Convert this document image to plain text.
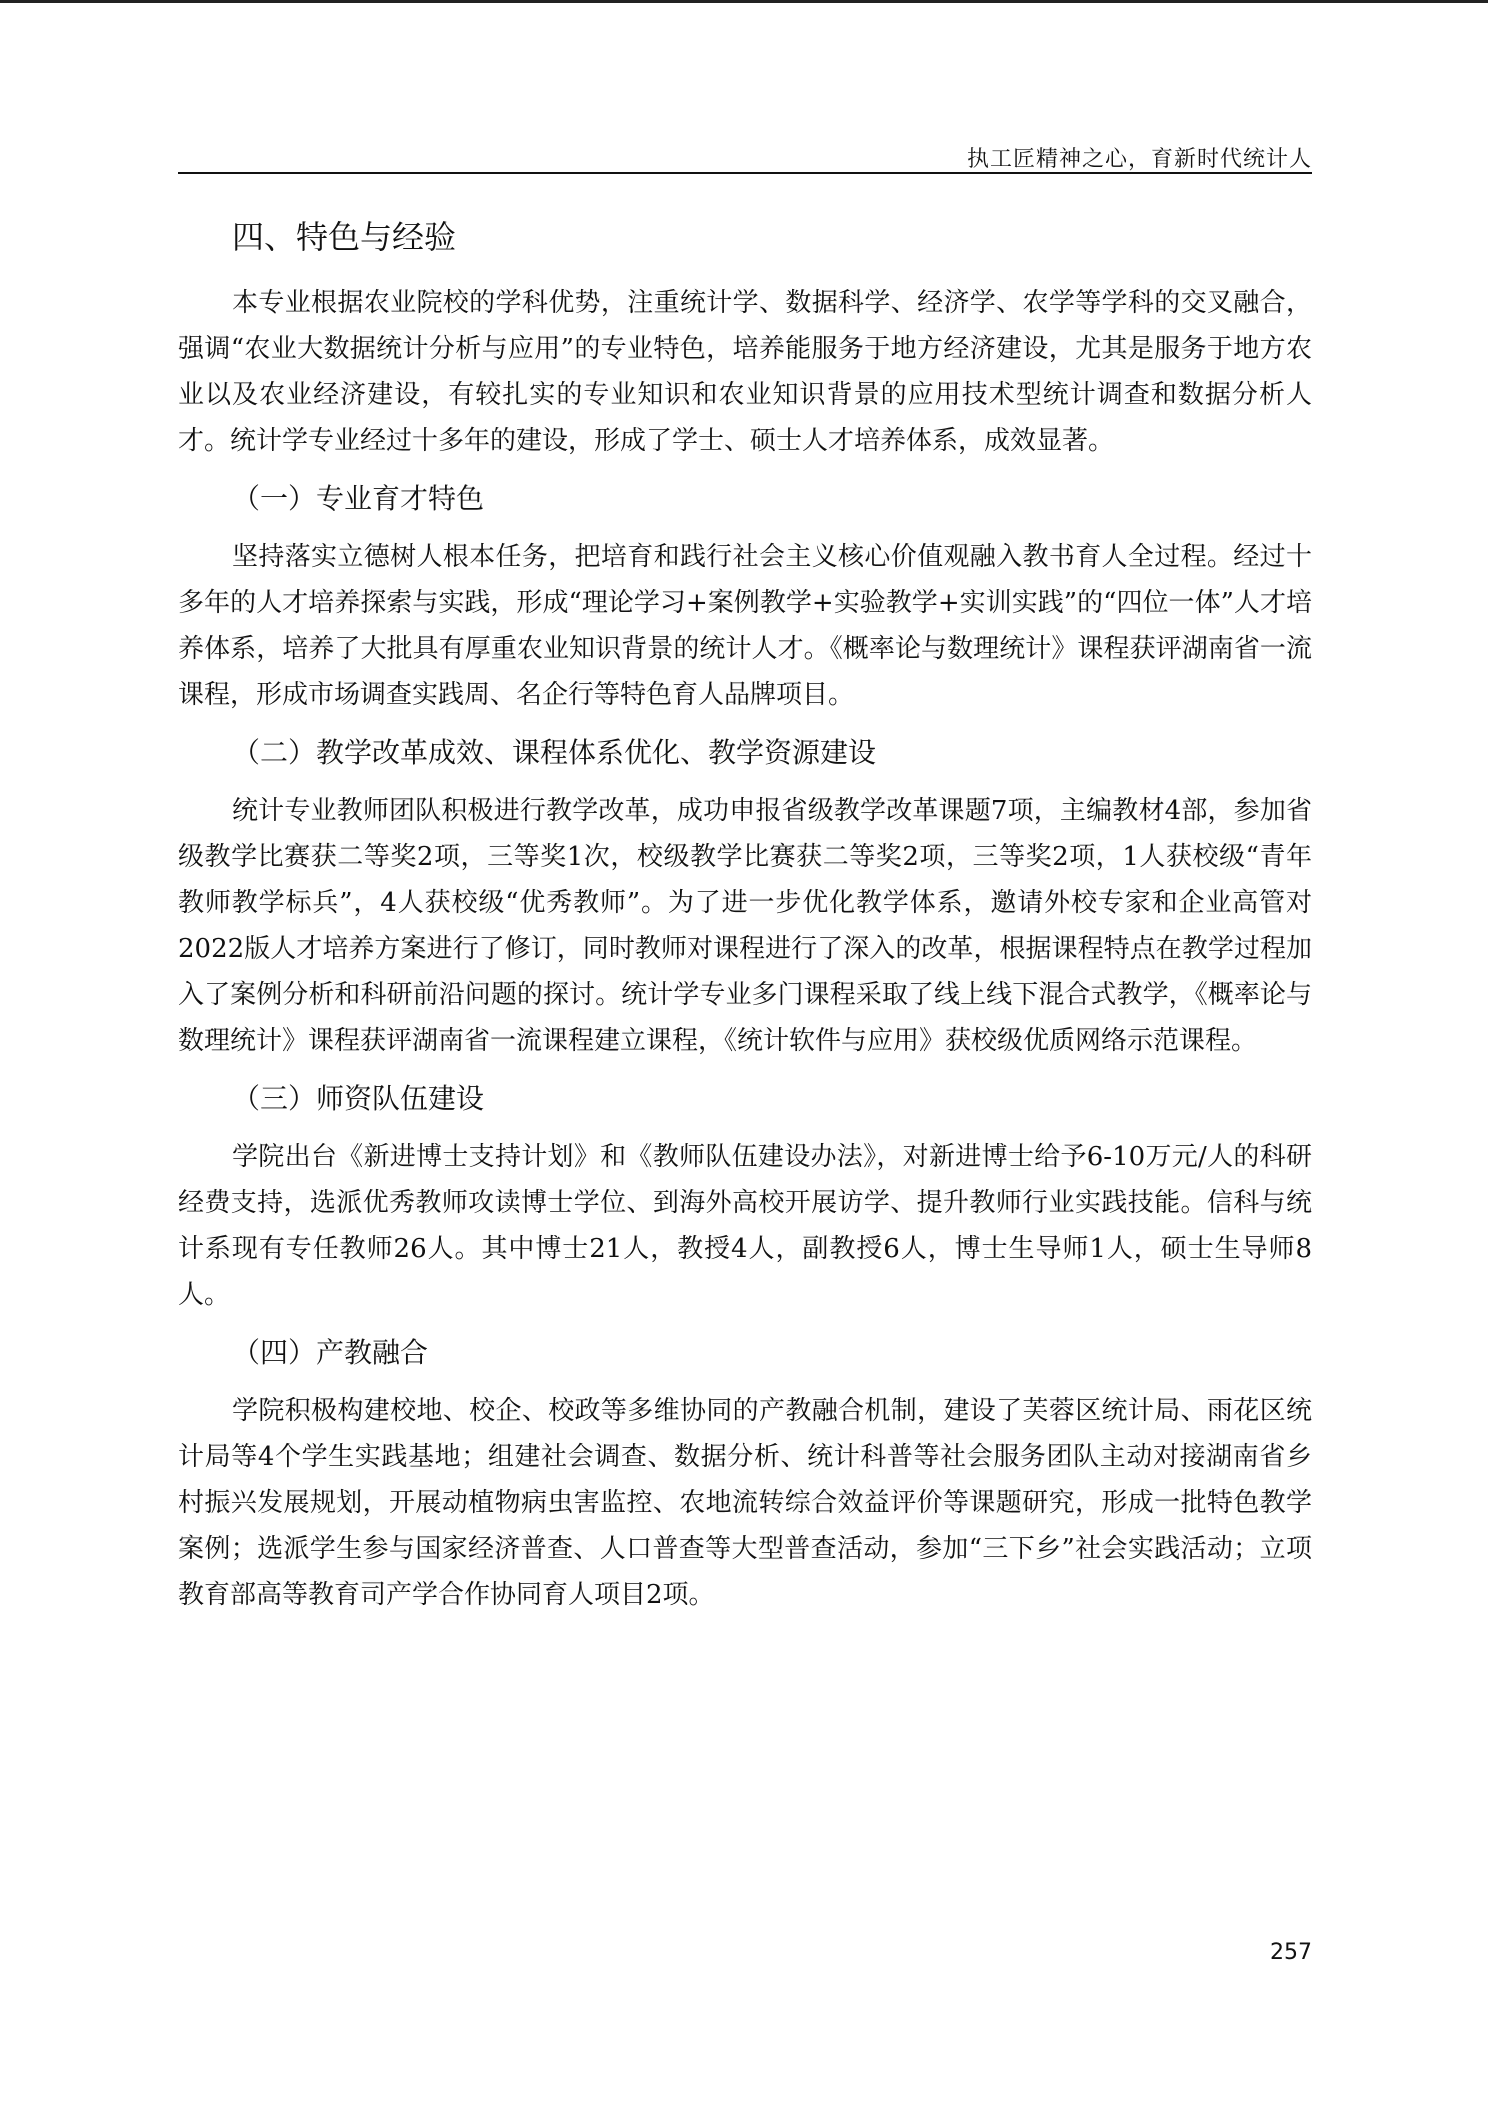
执工匠精神之心，育新时代统计人
四、特色与经验

本专业根据农业院校的学科优势，注重统计学、数据科学、经济学、农学等学科的交叉融合，强调“农业大数据统计分析与应用”的专业特色，培养能服务于地方经济建设，尤其是服务于地方农业以及农业经济建设，有较扎实的专业知识和农业知识背景的应用技术型统计调查和数据分析人才。统计学专业经过十多年的建设，形成了学士、硕士人才培养体系，成效显著。

（一）专业育才特色

坚持落实立德树人根本任务，把培育和践行社会主义核心价值观融入教书育人全过程。经过十多年的人才培养探索与实践，形成“理论学习+案例教学+实验教学+实训实践”的“四位一体”人才培养体系，培养了大批具有厚重农业知识背景的统计人才。《概率论与数理统计》课程获评湖南省一流课程，形成市场调查实践周、名企行等特色育人品牌项目。

（二）教学改革成效、课程体系优化、教学资源建设

统计专业教师团队积极进行教学改革，成功申报省级教学改革课题7项，主编教材4部，参加省级教学比赛获二等奖2项，三等奖1次，校级教学比赛获二等奖2项，三等奖2项，1人获校级“青年教师教学标兵”，4人获校级“优秀教师”。为了进一步优化教学体系，邀请外校专家和企业高管对2022版人才培养方案进行了修订，同时教师对课程进行了深入的改革，根据课程特点在教学过程加入了案例分析和科研前沿问题的探讨。统计学专业多门课程采取了线上线下混合式教学，《概率论与数理统计》课程获评湖南省一流课程建立课程，《统计软件与应用》获校级优质网络示范课程。

（三）师资队伍建设

学院出台《新进博士支持计划》和《教师队伍建设办法》，对新进博士给予6-10万元/人的科研经费支持，选派优秀教师攻读博士学位、到海外高校开展访学、提升教师行业实践技能。信科与统计系现有专任教师26人。其中博士21人，教授4人，副教授6人，博士生导师1人，硕士生导师8人。

（四）产教融合

学院积极构建校地、校企、校政等多维协同的产教融合机制，建设了芙蓉区统计局、雨花区统计局等4个学生实践基地；组建社会调查、数据分析、统计科普等社会服务团队主动对接湖南省乡村振兴发展规划，开展动植物病虫害监控、农地流转综合效益评价等课题研究，形成一批特色教学案例；选派学生参与国家经济普查、人口普查等大型普查活动，参加“三下乡”社会实践活动；立项教育部高等教育司产学合作协同育人项目2项。

257
